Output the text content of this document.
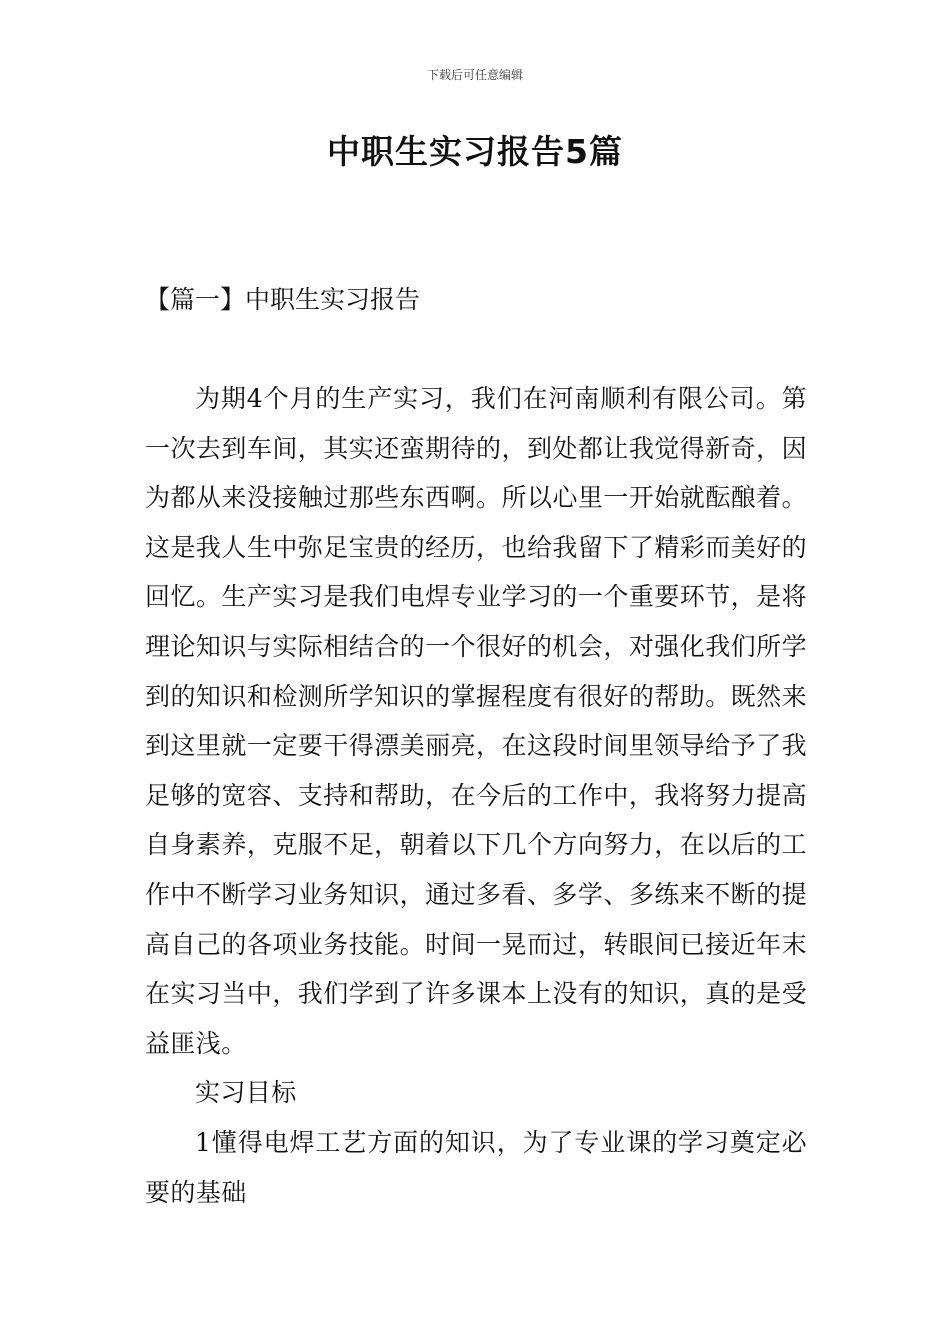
下载后可任意编辑
中职生实习报告5篇
【篇一】中职生实习报告

为期4个月的生产实习，我们在河南顺利有限公司。第一次去到车间，其实还蛮期待的，到处都让我觉得新奇，因为都从来没接触过那些东西啊。所以心里一开始就酝酿着。这是我人生中弥足宝贵的经历，也给我留下了精彩而美好的回忆。生产实习是我们电焊专业学习的一个重要环节，是将理论知识与实际相结合的一个很好的机会，对强化我们所学到的知识和检测所学知识的掌握程度有很好的帮助。既然来到这里就一定要干得漂美丽亮，在这段时间里领导给予了我足够的宽容、支持和帮助，在今后的工作中，我将努力提高自身素养，克服不足，朝着以下几个方向努力，在以后的工作中不断学习业务知识，通过多看、多学、多练来不断的提高自己的各项业务技能。时间一晃而过，转眼间已接近年末在实习当中，我们学到了许多课本上没有的知识，真的是受益匪浅。

实习目标

1懂得电焊工艺方面的知识，为了专业课的学习奠定必要的基础
